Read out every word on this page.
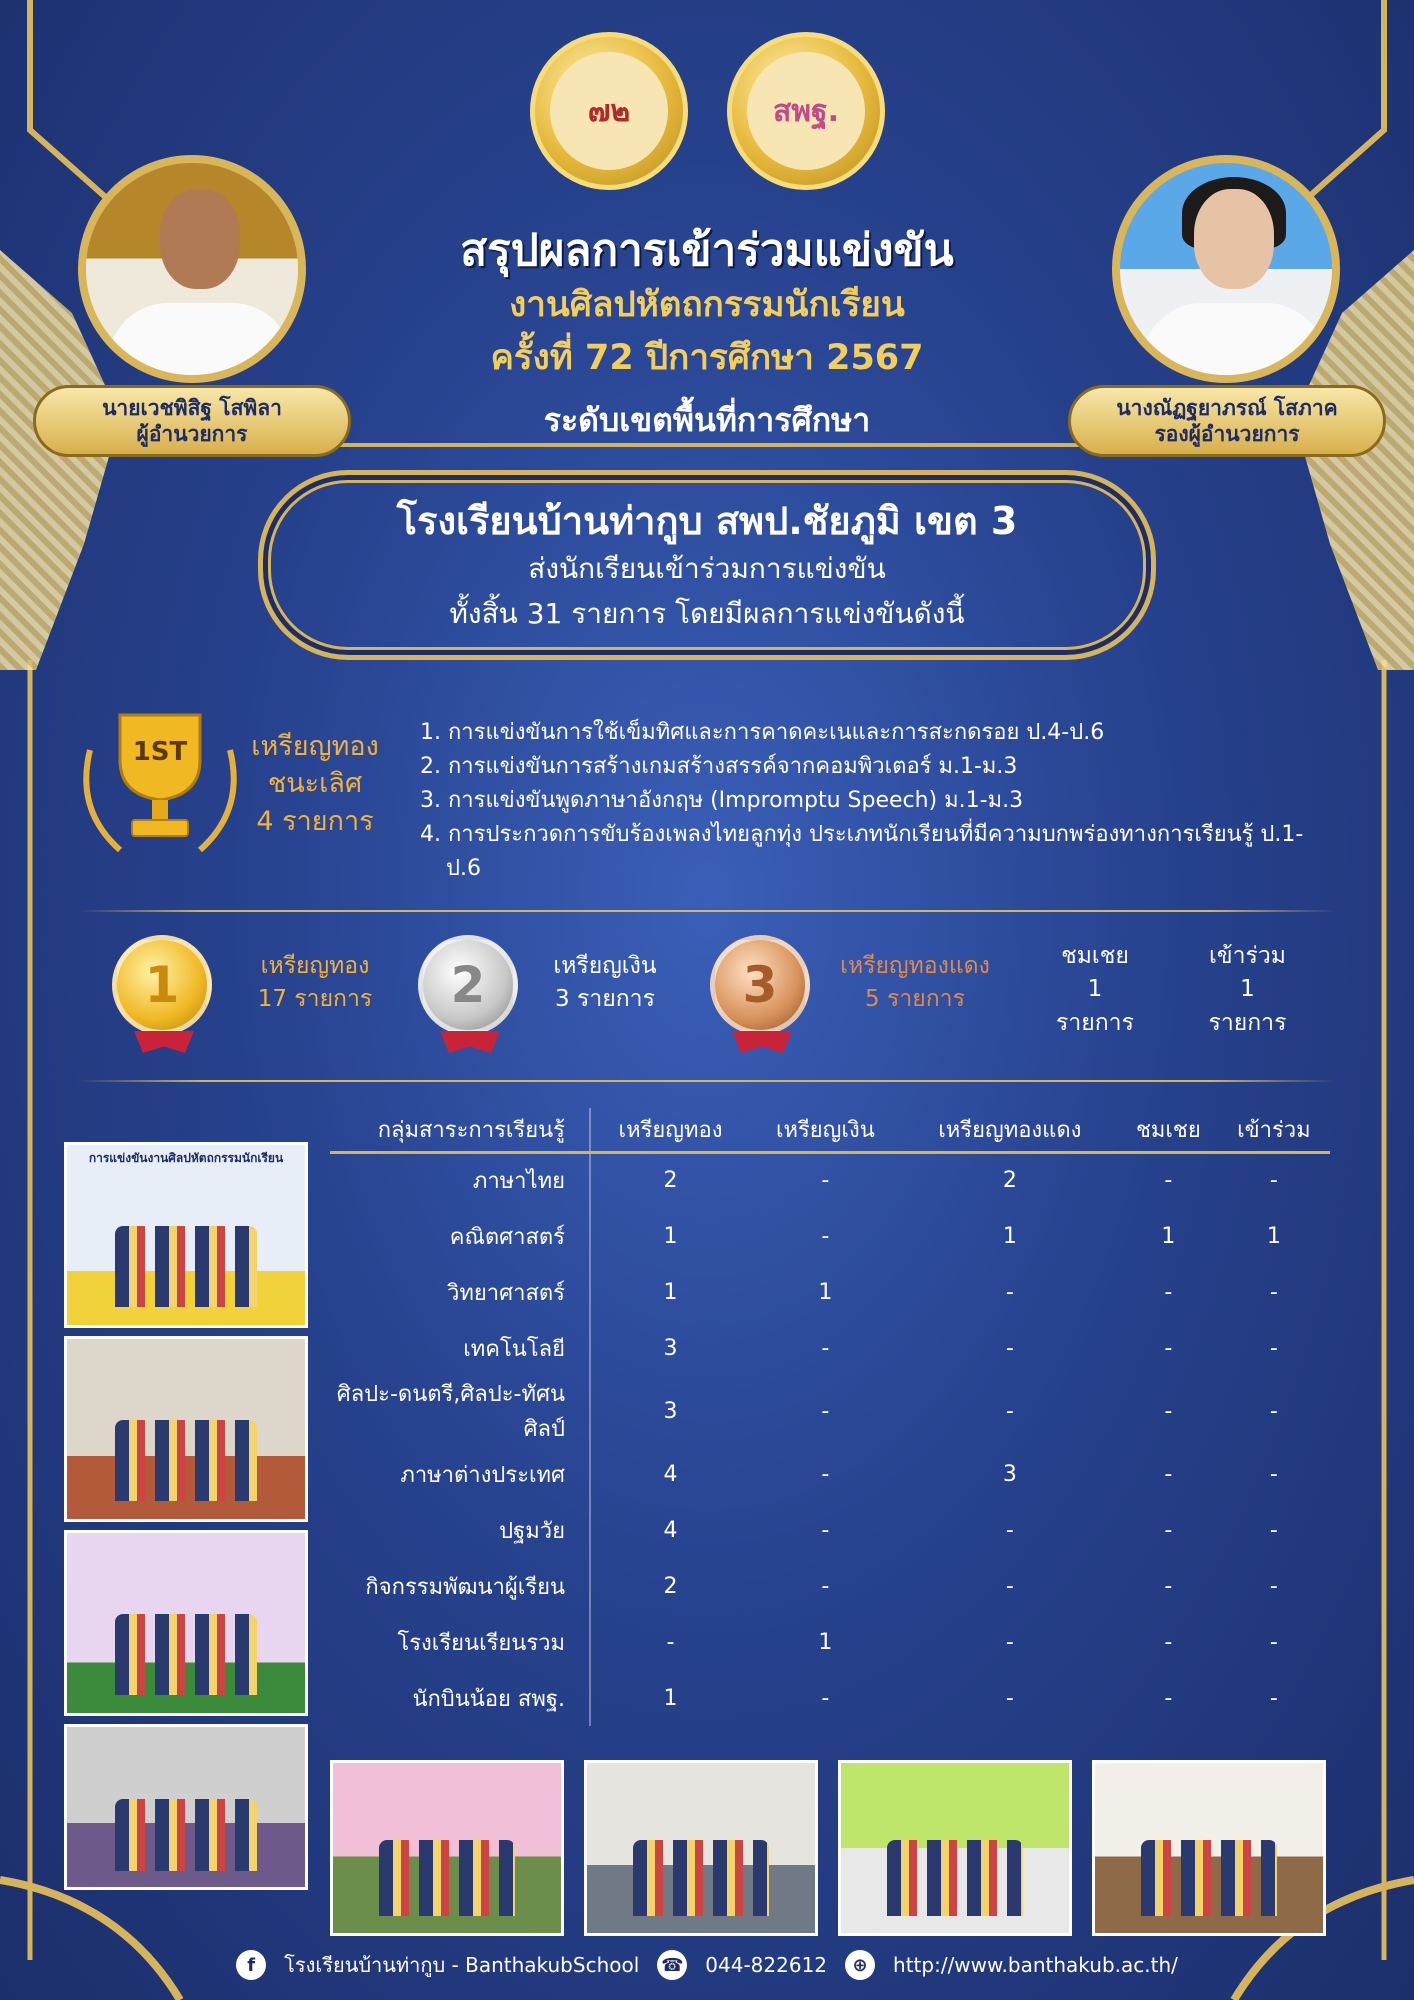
๗๒	สพฐ.
นายเวชพิสิฐ โสพิลา
ผู้อำนวยการ
นางณัฏฐยาภรณ์ โสภาค
รองผู้อำนวยการ
สรุปผลการเข้าร่วมแข่งขัน
งานศิลปหัตถกรรมนักเรียน
ครั้งที่ 72 ปีการศึกษา 2567
ระดับเขตพื้นที่การศึกษา
โรงเรียนบ้านท่ากูบ สพป.ชัยภูมิ เขต 3
ส่งนักเรียนเข้าร่วมการแข่งขัน
ทั้งสิ้น 31 รายการ โดยมีผลการแข่งขันดังนี้
1ST	เหรียญทอง
ชนะเลิศ
4 รายการ
1. การแข่งขันการใช้เข็มทิศและการคาดคะเนและการสะกดรอย ป.4-ป.6
2. การแข่งขันการสร้างเกมสร้างสรรค์จากคอมพิวเตอร์ ม.1-ม.3
3. การแข่งขันพูดภาษาอังกฤษ (Impromptu Speech) ม.1-ม.3
4. การประกวดการขับร้องเพลงไทยลูกทุ่ง ประเภทนักเรียนที่มีความบกพร่องทางการเรียนรู้ ป.1-ป.6
1	เหรียญทอง
17 รายการ	2	เหรียญเงิน
3 รายการ	3	เหรียญทองแดง
5 รายการ
ชมเชย
1
รายการ
เข้าร่วม
1
รายการ
การแข่งขันงานศิลปหัตถกรรมนักเรียน
กลุ่มสาระการเรียนรู้	เหรียญทอง	เหรียญเงิน	เหรียญทองแดง	ชมเชย	เข้าร่วม
ภาษาไทย	2	-	2	-	-
คณิตศาสตร์	1	-	1	1	1
วิทยาศาสตร์	1	1	-	-	-
เทคโนโลยี	3	-	-	-	-
ศิลปะ-ดนตรี,ศิลปะ-ทัศนศิลป์	3	-	-	-	-
ภาษาต่างประเทศ	4	-	3	-	-
ปฐมวัย	4	-	-	-	-
กิจกรรมพัฒนาผู้เรียน	2	-	-	-	-
โรงเรียนเรียนรวม	-	1	-	-	-
นักบินน้อย สพฐ.	1	-	-	-	-
f	โรงเรียนบ้านท่ากูบ - BanthakubSchool ☎ 044-822612	⊕	http://www.banthakub.ac.th/
